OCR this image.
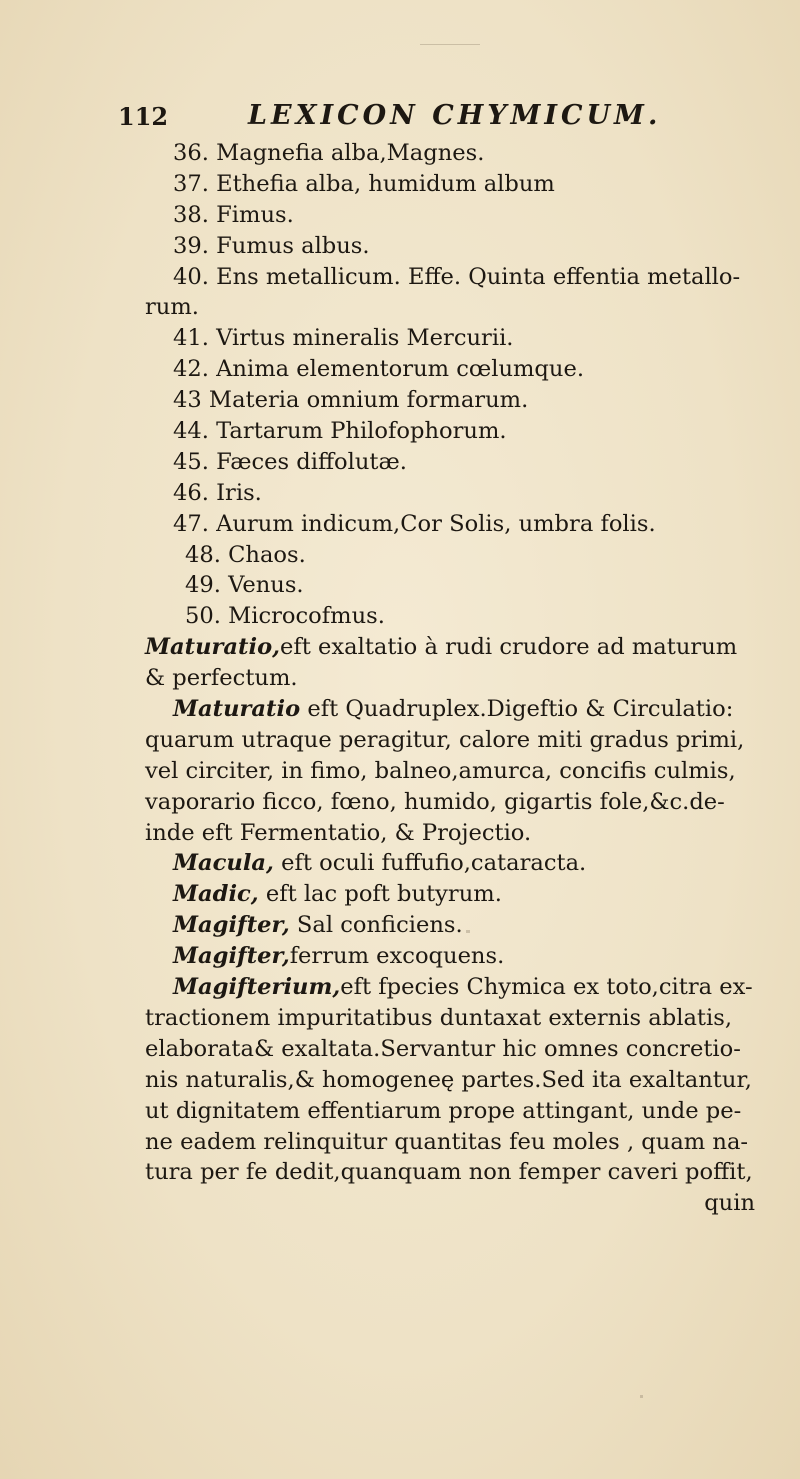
112	LEXICON CHYMICUM.
36. Magnefia alba,Magnes.
37. Ethefia alba, humidum album
38. Fimus.
39. Fumus albus.
40. Ens metallicum. Effe. Quinta effentia metallo-
rum.
41. Virtus mineralis Mercurii.
42. Anima elementorum cœlumque.
43 Materia omnium formarum.
44. Tartarum Philofophorum.
45. Fæces diffolutæ.
46. Iris.
47. Aurum indicum,Cor Solis, umbra folis.
48. Chaos.
49. Venus.
50. Microcofmus.
Maturatio,eft exaltatio à rudi crudore ad maturum
& perfectum.
Maturatio eft Quadruplex.Digeftio & Circulatio:
quarum utraque peragitur, calore miti gradus primi,
vel circiter, in fimo, balneo,amurca, concifis culmis,
vaporario ficco, fœno, humido, gigartis fole,&c.de-
inde eft Fermentatio, & Projectio.
Macula, eft oculi fuffufio,cataracta.
Madic, eft lac poft butyrum.
Magifter, Sal conficiens.
Magifter,ferrum excoquens.
Magifterium,eft fpecies Chymica ex toto,citra ex-
tractionem impuritatibus duntaxat externis ablatis,
elaborata& exaltata.Servantur hic omnes concretio-
nis naturalis,& homogeneę partes.Sed ita exaltantur,
ut dignitatem effentiarum prope attingant, unde pe-
ne eadem relinquitur quantitas feu moles , quam na-
tura per fe dedit,quanquam non femper caveri poffit,
quin
